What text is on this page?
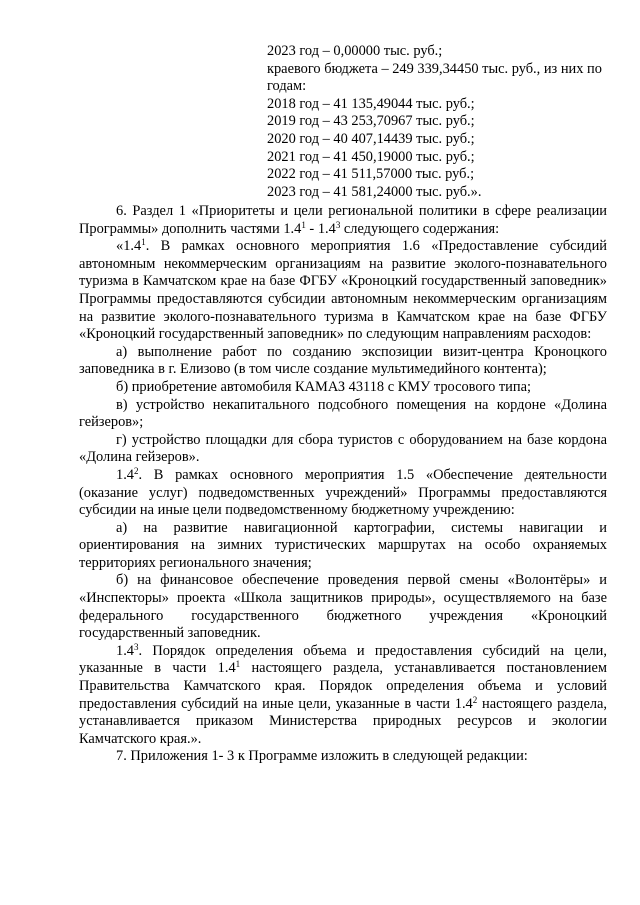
2023 год – 0,00000 тыс. руб.;
краевого бюджета – 249 339,34450 тыс. руб., из них по годам:
2018 год – 41 135,49044 тыс. руб.;
2019 год – 43 253,70967 тыс. руб.;
2020 год – 40 407,14439 тыс. руб.;
2021 год – 41 450,19000 тыс. руб.;
2022 год – 41 511,57000 тыс. руб.;
2023 год – 41 581,24000 тыс. руб.».

6. Раздел 1 «Приоритеты и цели региональной политики в сфере реализации Программы» дополнить частями $1.4^1 - 1.4^3$ следующего содержания:

«$1.4^1$. В рамках основного мероприятия 1.6 «Предоставление субсидий автономным некоммерческим организациям на развитие эколого-познавательного туризма в Камчатском крае на базе ФГБУ «Кроноцкий государственный заповедник» Программы предоставляются субсидии автономным некоммерческим организациям на развитие эколого-познавательного туризма в Камчатском крае на базе ФГБУ «Кроноцкий государственный заповедник» по следующим направлениям расходов:

а) выполнение работ по созданию экспозиции визит-центра Кроноцкого заповедника в г. Елизово (в том числе создание мультимедийного контента);

б) приобретение автомобиля КАМАЗ 43118 с КМУ тросового типа;

в) устройство некапитального подсобного помещения на кордоне «Долина гейзеров»;

г) устройство площадки для сбора туристов с оборудованием на базе кордона «Долина гейзеров».

$1.4^2$. В рамках основного мероприятия 1.5 «Обеспечение деятельности (оказание услуг) подведомственных учреждений» Программы предоставляются субсидии на иные цели подведомственному бюджетному учреждению:

а) на развитие навигационной картографии, системы навигации и ориентирования на зимних туристических маршрутах на особо охраняемых территориях регионального значения;

б) на финансовое обеспечение проведения первой смены «Волонтёры» и «Инспекторы» проекта «Школа защитников природы», осуществляемого на базе федерального государственного бюджетного учреждения «Кроноцкий государственный заповедник.

$1.4^3$. Порядок определения объема и предоставления субсидий на цели, указанные в части $1.4^1$ настоящего раздела, устанавливается постановлением Правительства Камчатского края. Порядок определения объема и условий предоставления субсидий на иные цели, указанные в части $1.4^2$ настоящего раздела, устанавливается приказом Министерства природных ресурсов и экологии Камчатского края.».

7. Приложения 1- 3 к Программе изложить в следующей редакции:
